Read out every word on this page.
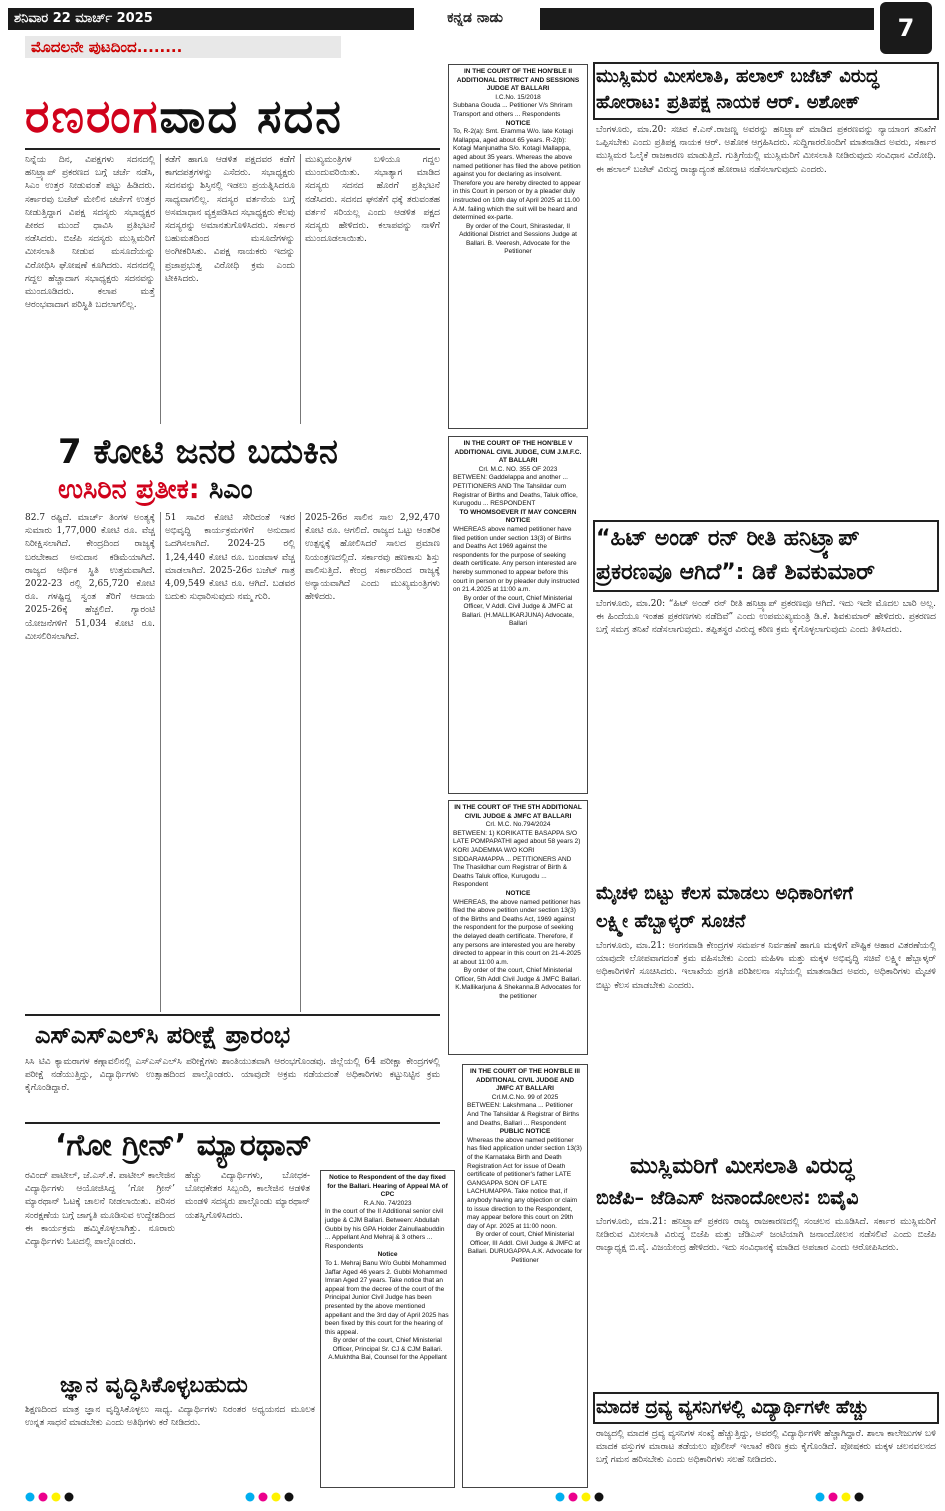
ಶನಿವಾರ 22 ಮಾರ್ಚ್ 2025	ಕನ್ನಡ ನಾಡು	7
ಮೊದಲನೇ ಪುಟದಿಂದ........
ರಣರಂಗವಾದ ಸದನ
ನಿನ್ನೆಯ ದಿನ, ವಿಪಕ್ಷಗಳು ಸದನದಲ್ಲಿ ಹನಿಟ್ರ್ಯಾಪ್ ಪ್ರಕರಣದ ಬಗ್ಗೆ ಚರ್ಚೆ ನಡೆಸಿ, ಸಿಎಂ ಉತ್ತರ ನೀಡುವಂತೆ ಪಟ್ಟು ಹಿಡಿದರು. ಸರ್ಕಾರವು ಬಜೆಟ್ ಮೇಲಿನ ಚರ್ಚೆಗೆ ಉತ್ತರ ನೀಡುತ್ತಿದ್ದಾಗ ವಿಪಕ್ಷ ಸದಸ್ಯರು ಸಭಾಧ್ಯಕ್ಷರ ಪೀಠದ ಮುಂದೆ ಧಾವಿಸಿ ಪ್ರತಿಭಟನೆ ನಡೆಸಿದರು. ಬಿಜೆಪಿ ಸದಸ್ಯರು ಮುಸ್ಲಿಮರಿಗೆ ಮೀಸಲಾತಿ ನೀಡುವ ಮಸೂದೆಯನ್ನು ವಿರೋಧಿಸಿ ಘೋಷಣೆ ಕೂಗಿದರು. ಸದನದಲ್ಲಿ ಗದ್ದಲ ಹೆಚ್ಚಾದಾಗ ಸಭಾಧ್ಯಕ್ಷರು ಸದನವನ್ನು ಮುಂದೂಡಿದರು. ಕಲಾಪ ಮತ್ತೆ ಆರಂಭವಾದಾಗ ಪರಿಸ್ಥಿತಿ ಬದಲಾಗಲಿಲ್ಲ.
ಕಡೆಗೆ ಹಾಗೂ ಆಡಳಿತ ಪಕ್ಷದವರ ಕಡೆಗೆ ಕಾಗದಪತ್ರಗಳನ್ನು ಎಸೆದರು. ಸಭಾಧ್ಯಕ್ಷರು ಸದನವನ್ನು ಶಿಸ್ತಿನಲ್ಲಿ ಇಡಲು ಪ್ರಯತ್ನಿಸಿದರೂ ಸಾಧ್ಯವಾಗಲಿಲ್ಲ. ಸದಸ್ಯರ ವರ್ತನೆಯ ಬಗ್ಗೆ ಅಸಮಾಧಾನ ವ್ಯಕ್ತಪಡಿಸಿದ ಸಭಾಧ್ಯಕ್ಷರು ಕೆಲವು ಸದಸ್ಯರನ್ನು ಅಮಾನತುಗೊಳಿಸಿದರು. ಸರ್ಕಾರ ಬಹುಮತದಿಂದ ಮಸೂದೆಗಳನ್ನು ಅಂಗೀಕರಿಸಿತು. ವಿಪಕ್ಷ ನಾಯಕರು ಇದನ್ನು ಪ್ರಜಾಪ್ರಭುತ್ವ ವಿರೋಧಿ ಕ್ರಮ ಎಂದು ಟೀಕಿಸಿದರು.
ಮುಖ್ಯಮಂತ್ರಿಗಳ ಬಳಿಯೂ ಗದ್ದಲ ಮುಂದುವರಿಯಿತು. ಸಭಾತ್ಯಾಗ ಮಾಡಿದ ಸದಸ್ಯರು ಸದನದ ಹೊರಗೆ ಪ್ರತಿಭಟನೆ ನಡೆಸಿದರು. ಸದನದ ಘನತೆಗೆ ಧಕ್ಕೆ ತರುವಂತಹ ವರ್ತನೆ ಸರಿಯಲ್ಲ ಎಂದು ಆಡಳಿತ ಪಕ್ಷದ ಸದಸ್ಯರು ಹೇಳಿದರು. ಕಲಾಪವನ್ನು ನಾಳೆಗೆ ಮುಂದೂಡಲಾಯಿತು.
7 ಕೋಟಿ ಜನರ ಬದುಕಿನ
ಉಸಿರಿನ ಪ್ರತೀಕ: ಸಿಎಂ
82.7 ರಷ್ಟಿದೆ. ಮಾರ್ಚ್ ತಿಂಗಳ ಅಂತ್ಯಕ್ಕೆ ಸುಮಾರು 1,77,000 ಕೋಟಿ ರೂ. ವೆಚ್ಚ ನಿರೀಕ್ಷಿಸಲಾಗಿದೆ. ಕೇಂದ್ರದಿಂದ ರಾಜ್ಯಕ್ಕೆ ಬರಬೇಕಾದ ಅನುದಾನ ಕಡಿಮೆಯಾಗಿದೆ. ರಾಜ್ಯದ ಆರ್ಥಿಕ ಸ್ಥಿತಿ ಉತ್ತಮವಾಗಿದೆ. 2022-23 ರಲ್ಲಿ 2,65,720 ಕೋಟಿ ರೂ. ಗಳಷ್ಟಿದ್ದ ಸ್ವಂತ ತೆರಿಗೆ ಆದಾಯ 2025-26ಕ್ಕೆ ಹೆಚ್ಚಲಿದೆ. ಗ್ಯಾರಂಟಿ ಯೋಜನೆಗಳಿಗೆ 51,034 ಕೋಟಿ ರೂ. ಮೀಸಲಿರಿಸಲಾಗಿದೆ.
51 ಸಾವಿರ ಕೋಟಿ ಸೇರಿದಂತೆ ಇತರ ಅಭಿವೃದ್ಧಿ ಕಾರ್ಯಕ್ರಮಗಳಿಗೆ ಅನುದಾನ ಒದಗಿಸಲಾಗಿದೆ. 2024-25 ರಲ್ಲಿ 1,24,440 ಕೋಟಿ ರೂ. ಬಂಡವಾಳ ವೆಚ್ಚ ಮಾಡಲಾಗಿದೆ. 2025-26ರ ಬಜೆಟ್ ಗಾತ್ರ 4,09,549 ಕೋಟಿ ರೂ. ಆಗಿದೆ. ಬಡವರ ಬದುಕು ಸುಧಾರಿಸುವುದು ನಮ್ಮ ಗುರಿ.
2025-26ರ ಸಾಲಿನ ಸಾಲ 2,92,470 ಕೋಟಿ ರೂ. ಆಗಲಿದೆ. ರಾಜ್ಯದ ಒಟ್ಟು ಆಂತರಿಕ ಉತ್ಪನ್ನಕ್ಕೆ ಹೋಲಿಸಿದರೆ ಸಾಲದ ಪ್ರಮಾಣ ನಿಯಂತ್ರಣದಲ್ಲಿದೆ. ಸರ್ಕಾರವು ಹಣಕಾಸು ಶಿಸ್ತು ಪಾಲಿಸುತ್ತಿದೆ. ಕೇಂದ್ರ ಸರ್ಕಾರದಿಂದ ರಾಜ್ಯಕ್ಕೆ ಅನ್ಯಾಯವಾಗಿದೆ ಎಂದು ಮುಖ್ಯಮಂತ್ರಿಗಳು ಹೇಳಿದರು.
ಎಸ್‌ಎಸ್‌ಎಲ್‌ಸಿ ಪರೀಕ್ಷೆ ಪ್ರಾರಂಭ
ಸಿಸಿ ಟಿವಿ ಕ್ಯಾಮರಾಗಳ ಕಣ್ಗಾವಲಿನಲ್ಲಿ ಎಸ್‌ಎಸ್‌ಎಲ್‌ಸಿ ಪರೀಕ್ಷೆಗಳು ಶಾಂತಿಯುತವಾಗಿ ಆರಂಭಗೊಂಡವು. ಜಿಲ್ಲೆಯಲ್ಲಿ 64 ಪರೀಕ್ಷಾ ಕೇಂದ್ರಗಳಲ್ಲಿ ಪರೀಕ್ಷೆ ನಡೆಯುತ್ತಿದ್ದು, ವಿದ್ಯಾರ್ಥಿಗಳು ಉತ್ಸಾಹದಿಂದ ಪಾಲ್ಗೊಂಡರು. ಯಾವುದೇ ಅಕ್ರಮ ನಡೆಯದಂತೆ ಅಧಿಕಾರಿಗಳು ಕಟ್ಟುನಿಟ್ಟಿನ ಕ್ರಮ ಕೈಗೊಂಡಿದ್ದಾರೆ.
‘ಗೋ ಗ್ರೀನ್’ ಮ್ಯಾರಥಾನ್
ರವಿಂದ್ ಪಾಟೀಲ್, ಜೆ.ಎಸ್.ಕೆ. ಪಾಟೀಲ್ ಕಾಲೇಜಿನ ವಿದ್ಯಾರ್ಥಿಗಳು ಆಯೋಜಿಸಿದ್ದ ‘ಗೋ ಗ್ರೀನ್’ ಮ್ಯಾರಥಾನ್ ಓಟಕ್ಕೆ ಚಾಲನೆ ನೀಡಲಾಯಿತು. ಪರಿಸರ ಸಂರಕ್ಷಣೆಯ ಬಗ್ಗೆ ಜಾಗೃತಿ ಮೂಡಿಸುವ ಉದ್ದೇಶದಿಂದ ಈ ಕಾರ್ಯಕ್ರಮ ಹಮ್ಮಿಕೊಳ್ಳಲಾಗಿತ್ತು. ನೂರಾರು ವಿದ್ಯಾರ್ಥಿಗಳು ಓಟದಲ್ಲಿ ಪಾಲ್ಗೊಂಡರು.
ಹೆಚ್ಚು ವಿದ್ಯಾರ್ಥಿಗಳು, ಬೋಧಕ-ಬೋಧಕೇತರ ಸಿಬ್ಬಂದಿ, ಕಾಲೇಜಿನ ಆಡಳಿತ ಮಂಡಳಿ ಸದಸ್ಯರು ಪಾಲ್ಗೊಂಡು ಮ್ಯಾರಥಾನ್ ಯಶಸ್ವಿಗೊಳಿಸಿದರು.
ಜ್ಞಾನ ವೃದ್ಧಿಸಿಕೊಳ್ಳಬಹುದು
ಶಿಕ್ಷಣದಿಂದ ಮಾತ್ರ ಜ್ಞಾನ ವೃದ್ಧಿಸಿಕೊಳ್ಳಲು ಸಾಧ್ಯ. ವಿದ್ಯಾರ್ಥಿಗಳು ನಿರಂತರ ಅಧ್ಯಯನದ ಮೂಲಕ ಉನ್ನತ ಸಾಧನೆ ಮಾಡಬೇಕು ಎಂದು ಅತಿಥಿಗಳು ಕರೆ ನೀಡಿದರು.
IN THE COURT OF THE HON'BLE II ADDITIONAL DISTRICT AND SESSIONS JUDGE AT BALLARI
I.C.No. 15/2018
Subbana Gouda ... Petitioner V/s Shriram Transport and others ... Respondents
NOTICE
To, R-2(a): Smt. Eramma W/o. late Kotagi Mallappa, aged about 65 years. R-2(b): Kotagi Manjunatha S/o. Kotagi Mallappa, aged about 35 years. Whereas the above named petitioner has filed the above petition against you for declaring as insolvent. Therefore you are hereby directed to appear in this Court in person or by a pleader duly instructed on 10th day of April 2025 at 11.00 A.M. failing which the suit will be heard and determined ex-parte.
By order of the Court, Shirastedar, II Additional District and Sessions Judge at Ballari. B. Veeresh, Advocate for the Petitioner
IN THE COURT OF THE HON'BLE V ADDITIONAL CIVIL JUDGE, CUM J.M.F.C. AT BALLARI
Crl. M.C. NO. 355 OF 2023
BETWEEN: Gaddelappa and another ... PETITIONERS AND The Tahsildar cum Registrar of Births and Deaths, Taluk office, Kurugodu ... RESPONDENT
TO WHOMSOEVER IT MAY CONCERN NOTICE
WHEREAS above named petitioner have filed petition under section 13(3) of Births and Deaths Act 1969 against the respondents for the purpose of seeking death certificate. Any person interested are hereby summoned to appear before this court in person or by pleader duly instructed on 21.4.2025 at 11:00 a.m.
By order of the court, Chief Ministerial Officer, V Addl. Civil Judge & JMFC at Ballari. (H.MALLIKARJUNA) Advocate, Ballari
IN THE COURT OF THE 5TH ADDITIONAL CIVIL JUDGE & JMFC AT BALLARI
Crl. M.C. No.794/2024
BETWEEN: 1) KORIKATTE BASAPPA S/O LATE POMPAPATHI aged about 58 years 2) KORI JADEMMA W/O KORI SIDDARAMAPPA ... PETITIONERS AND The Thasildhar cum Registrar of Birth & Deaths Taluk office, Kurugodu ... Respondent
NOTICE
WHEREAS, the above named petitioner has filed the above petition under section 13(3) of the Births and Deaths Act, 1969 against the respondent for the purpose of seeking the delayed death certificate. Therefore, if any persons are interested you are hereby directed to appear in this court on 21-4-2025 at about 11:00 a.m.
By order of the court, Chief Ministerial Officer, 5th Addl Civil Judge & JMFC Ballari. K.Mallikarjuna & Shekanna.B Advocates for the petitioner
IN THE COURT OF THE HON'BLE III ADDITIONAL CIVIL JUDGE AND JMFC AT BALLARI
Crl.M.C.No. 99 of 2025
BETWEEN: Lakshmana ... Petitioner And The Tahsildar & Registrar of Births and Deaths, Ballari ... Respondent
PUBLIC NOTICE
Whereas the above named petitioner has filed application under section 13(3) of the Karnataka Birth and Death Registration Act for issue of Death certificate of petitioner's father LATE GANGAPPA SON OF LATE LACHUMAPPA. Take notice that, if anybody having any objection or claim to issue direction to the Respondent, may appear before this court on 29th day of Apr. 2025 at 11:00 noon.
By order of court, Chief Ministerial Officer, III Addl. Civil Judge & JMFC at Ballari. DURUGAPPA.A.K. Advocate for Petitioner
Notice to Respondent of the day fixed for the Ballari. Hearing of Appeal MA of CPC
R.A.No. 74/2023
In the court of the II Additional senior civil judge & CJM Ballari. Between: Abdullah Gubbi by his GPA Holder Zainullaabuddin ... Appellant And Mehraj & 3 others ... Respondents
Notice
To 1. Mehraj Banu W/o Gubbi Mohammed Jaffar Aged 46 years 2. Gubbi Mohammed Imran Aged 27 years. Take notice that an appeal from the decree of the court of the Principal Junior Civil Judge has been presented by the above mentioned appellant and the 3rd day of April 2025 has been fixed by this court for the hearing of this appeal.
By order of the court, Chief Ministerial Officer, Principal Sr. CJ & CJM Ballari. A.Mukhtha Bai, Counsel for the Appellant
ಮುಸ್ಲಿಮರ ಮೀಸಲಾತಿ, ಹಲಾಲ್ ಬಜೆಟ್ ವಿರುದ್ಧ
ಹೋರಾಟ: ಪ್ರತಿಪಕ್ಷ ನಾಯಕ ಆರ್. ಅಶೋಕ್
ಬೆಂಗಳೂರು, ಮಾ.20: ಸಚಿವ ಕೆ.ಎನ್.ರಾಜಣ್ಣ ಅವರನ್ನು ಹನಿಟ್ರ್ಯಾಪ್ ಮಾಡಿದ ಪ್ರಕರಣವನ್ನು ನ್ಯಾಯಾಂಗ ತನಿಖೆಗೆ ಒಪ್ಪಿಸಬೇಕು ಎಂದು ಪ್ರತಿಪಕ್ಷ ನಾಯಕ ಆರ್. ಅಶೋಕ ಆಗ್ರಹಿಸಿದರು. ಸುದ್ದಿಗಾರರೊಂದಿಗೆ ಮಾತನಾಡಿದ ಅವರು, ಸರ್ಕಾರ ಮುಸ್ಲಿಮರ ಓಲೈಕೆ ರಾಜಕಾರಣ ಮಾಡುತ್ತಿದೆ. ಗುತ್ತಿಗೆಯಲ್ಲಿ ಮುಸ್ಲಿಮರಿಗೆ ಮೀಸಲಾತಿ ನೀಡಿರುವುದು ಸಂವಿಧಾನ ವಿರೋಧಿ. ಈ ಹಲಾಲ್ ಬಜೆಟ್ ವಿರುದ್ಧ ರಾಜ್ಯಾದ್ಯಂತ ಹೋರಾಟ ನಡೆಸಲಾಗುವುದು ಎಂದರು.
“ಹಿಟ್ ಅಂಡ್ ರನ್ ರೀತಿ ಹನಿಟ್ರ್ಯಾಪ್
ಪ್ರಕರಣವೂ ಆಗಿದೆ”: ಡಿಕೆ ಶಿವಕುಮಾರ್
ಬೆಂಗಳೂರು, ಮಾ.20: “ಹಿಟ್ ಅಂಡ್ ರನ್ ರೀತಿ ಹನಿಟ್ರ್ಯಾಪ್ ಪ್ರಕರಣವೂ ಆಗಿದೆ. ಇದು ಇದೇ ಮೊದಲ ಬಾರಿ ಅಲ್ಲ. ಈ ಹಿಂದೆಯೂ ಇಂತಹ ಪ್ರಕರಣಗಳು ನಡೆದಿವೆ” ಎಂದು ಉಪಮುಖ್ಯಮಂತ್ರಿ ಡಿ.ಕೆ. ಶಿವಕುಮಾರ್ ಹೇಳಿದರು. ಪ್ರಕರಣದ ಬಗ್ಗೆ ಸಮಗ್ರ ತನಿಖೆ ನಡೆಸಲಾಗುವುದು. ತಪ್ಪಿತಸ್ಥರ ವಿರುದ್ಧ ಕಠಿಣ ಕ್ರಮ ಕೈಗೊಳ್ಳಲಾಗುವುದು ಎಂದು ತಿಳಿಸಿದರು.
ಮೈಚಳಿ ಬಿಟ್ಟು ಕೆಲಸ ಮಾಡಲು ಅಧಿಕಾರಿಗಳಿಗೆ
ಲಕ್ಷ್ಮೀ ಹೆಬ್ಬಾಳ್ಕರ್ ಸೂಚನೆ
ಬೆಂಗಳೂರು, ಮಾ.21: ಅಂಗನವಾಡಿ ಕೇಂದ್ರಗಳ ಸಮರ್ಪಕ ನಿರ್ವಹಣೆ ಹಾಗೂ ಮಕ್ಕಳಿಗೆ ಪೌಷ್ಟಿಕ ಆಹಾರ ವಿತರಣೆಯಲ್ಲಿ ಯಾವುದೇ ಲೋಪವಾಗದಂತೆ ಕ್ರಮ ವಹಿಸಬೇಕು ಎಂದು ಮಹಿಳಾ ಮತ್ತು ಮಕ್ಕಳ ಅಭಿವೃದ್ಧಿ ಸಚಿವೆ ಲಕ್ಷ್ಮೀ ಹೆಬ್ಬಾಳ್ಕರ್ ಅಧಿಕಾರಿಗಳಿಗೆ ಸೂಚಿಸಿದರು. ಇಲಾಖೆಯ ಪ್ರಗತಿ ಪರಿಶೀಲನಾ ಸಭೆಯಲ್ಲಿ ಮಾತನಾಡಿದ ಅವರು, ಅಧಿಕಾರಿಗಳು ಮೈಚಳಿ ಬಿಟ್ಟು ಕೆಲಸ ಮಾಡಬೇಕು ಎಂದರು.
ಮುಸ್ಲಿಮರಿಗೆ ಮೀಸಲಾತಿ ವಿರುದ್ಧ
ಬಿಜೆಪಿ– ಜೆಡಿಎಸ್ ಜನಾಂದೋಲನ: ಬಿವೈವಿ
ಬೆಂಗಳೂರು, ಮಾ.21: ಹನಿಟ್ರ್ಯಾಪ್ ಪ್ರಕರಣ ರಾಜ್ಯ ರಾಜಕಾರಣದಲ್ಲಿ ಸಂಚಲನ ಮೂಡಿಸಿದೆ. ಸರ್ಕಾರ ಮುಸ್ಲಿಮರಿಗೆ ನೀಡಿರುವ ಮೀಸಲಾತಿ ವಿರುದ್ಧ ಬಿಜೆಪಿ ಮತ್ತು ಜೆಡಿಎಸ್ ಜಂಟಿಯಾಗಿ ಜನಾಂದೋಲನ ನಡೆಸಲಿವೆ ಎಂದು ಬಿಜೆಪಿ ರಾಜ್ಯಾಧ್ಯಕ್ಷ ಬಿ.ವೈ. ವಿಜಯೇಂದ್ರ ಹೇಳಿದರು. ಇದು ಸಂವಿಧಾನಕ್ಕೆ ಮಾಡಿದ ಅಪಚಾರ ಎಂದು ಆರೋಪಿಸಿದರು.
ಮಾದಕ ದ್ರವ್ಯ ವ್ಯಸನಿಗಳಲ್ಲಿ ವಿದ್ಯಾರ್ಥಿಗಳೇ ಹೆಚ್ಚು
ರಾಜ್ಯದಲ್ಲಿ ಮಾದಕ ದ್ರವ್ಯ ವ್ಯಸನಿಗಳ ಸಂಖ್ಯೆ ಹೆಚ್ಚುತ್ತಿದ್ದು, ಅವರಲ್ಲಿ ವಿದ್ಯಾರ್ಥಿಗಳೇ ಹೆಚ್ಚಾಗಿದ್ದಾರೆ. ಶಾಲಾ ಕಾಲೇಜುಗಳ ಬಳಿ ಮಾದಕ ವಸ್ತುಗಳ ಮಾರಾಟ ತಡೆಯಲು ಪೊಲೀಸ್ ಇಲಾಖೆ ಕಠಿಣ ಕ್ರಮ ಕೈಗೊಂಡಿದೆ. ಪೋಷಕರು ಮಕ್ಕಳ ಚಲನವಲನದ ಬಗ್ಗೆ ಗಮನ ಹರಿಸಬೇಕು ಎಂದು ಅಧಿಕಾರಿಗಳು ಸಲಹೆ ನೀಡಿದರು.
